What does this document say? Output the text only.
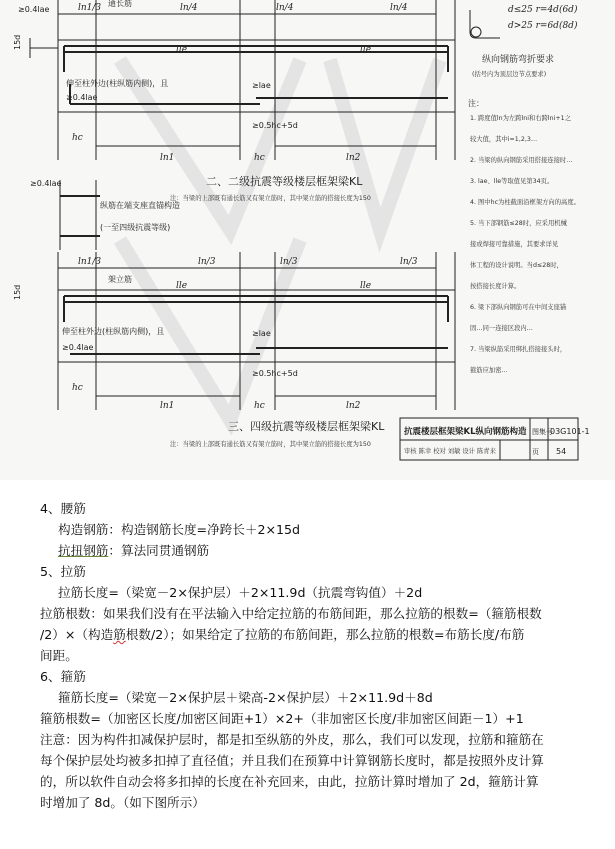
ln1/3	ln/4	ln/4	ln/4
≥0.4lae
通长筋
lle	lle
15d
伸至柱外边(柱纵筋内侧)，且
≥0.4lae
≥lae
≥0.5hc+5d
hc
hc
ln1	ln2
d≤25 r=4d(6d)
d>25 r=6d(8d)
纵向钢筋弯折要求
(括号内为顶层边节点要求)
二、二级抗震等级楼层框架梁KL
注：当梁的上部既有通长筋又有架立筋时，其中架立筋的搭接长度为150
≥0.4lae
纵筋在端支座直锚构造
(一至四级抗震等级)
ln1/3	ln/3	ln/3	ln/3
架立筋
lle	lle
15d
伸至柱外边(柱纵筋内侧)，且
≥0.4lae
≥lae
≥0.5hc+5d
hc
hc
ln1	ln2
三、四级抗震等级楼层框架梁KL
注：当梁的上部既有通长筋又有架立筋时，其中架立筋的搭接长度为150
注：
1. 跨度值ln为左跨lni和右跨lni+1之
较大值，其中i=1,2,3…
2. 当梁的纵向钢筋采用搭接连接时…
3. lae、lle等取值见第34页。
4. 图中hc为柱截面沿框架方向的高度。
5. 当下部钢筋≤28时，应采用机械
接或焊接可靠措施，其要求详见
体工程的设计说明。当d≤28时，
按搭接长度计算。
6. 梁下部纵向钢筋可在中间支座锚
固…同一连接区段内…
7. 当梁纵筋采用绑扎搭接接头时，
箍筋应加密…
抗震楼层框架梁KL纵向钢筋构造 图集号
03G101-1
审核 陈幸 校对 刘敏 设计 陈青来	页 54
4、腰筋
构造钢筋：构造钢筋长度=净跨长＋2×15d
抗扭钢筋：算法同贯通钢筋
5、拉筋
拉筋长度=（梁宽－2×保护层）＋2×11.9d（抗震弯钩值）＋2d
拉筋根数：如果我们没有在平法输入中给定拉筋的布筋间距，那么拉筋的根数=（箍筋根数
/2）×（构造筋根数/2）；如果给定了拉筋的布筋间距，那么拉筋的根数=布筋长度/布筋
间距。
6、箍筋
箍筋长度=（梁宽－2×保护层＋梁高-2×保护层）＋2×11.9d＋8d
箍筋根数=（加密区长度/加密区间距+1）×2+（非加密区长度/非加密区间距－1）+1
注意：因为构件扣减保护层时，都是扣至纵筋的外皮，那么，我们可以发现，拉筋和箍筋在
每个保护层处均被多扣掉了直径值；并且我们在预算中计算钢筋长度时，都是按照外皮计算
的，所以软件自动会将多扣掉的长度在补充回来，由此，拉筋计算时增加了 2d，箍筋计算
时增加了 8d。（如下图所示）
